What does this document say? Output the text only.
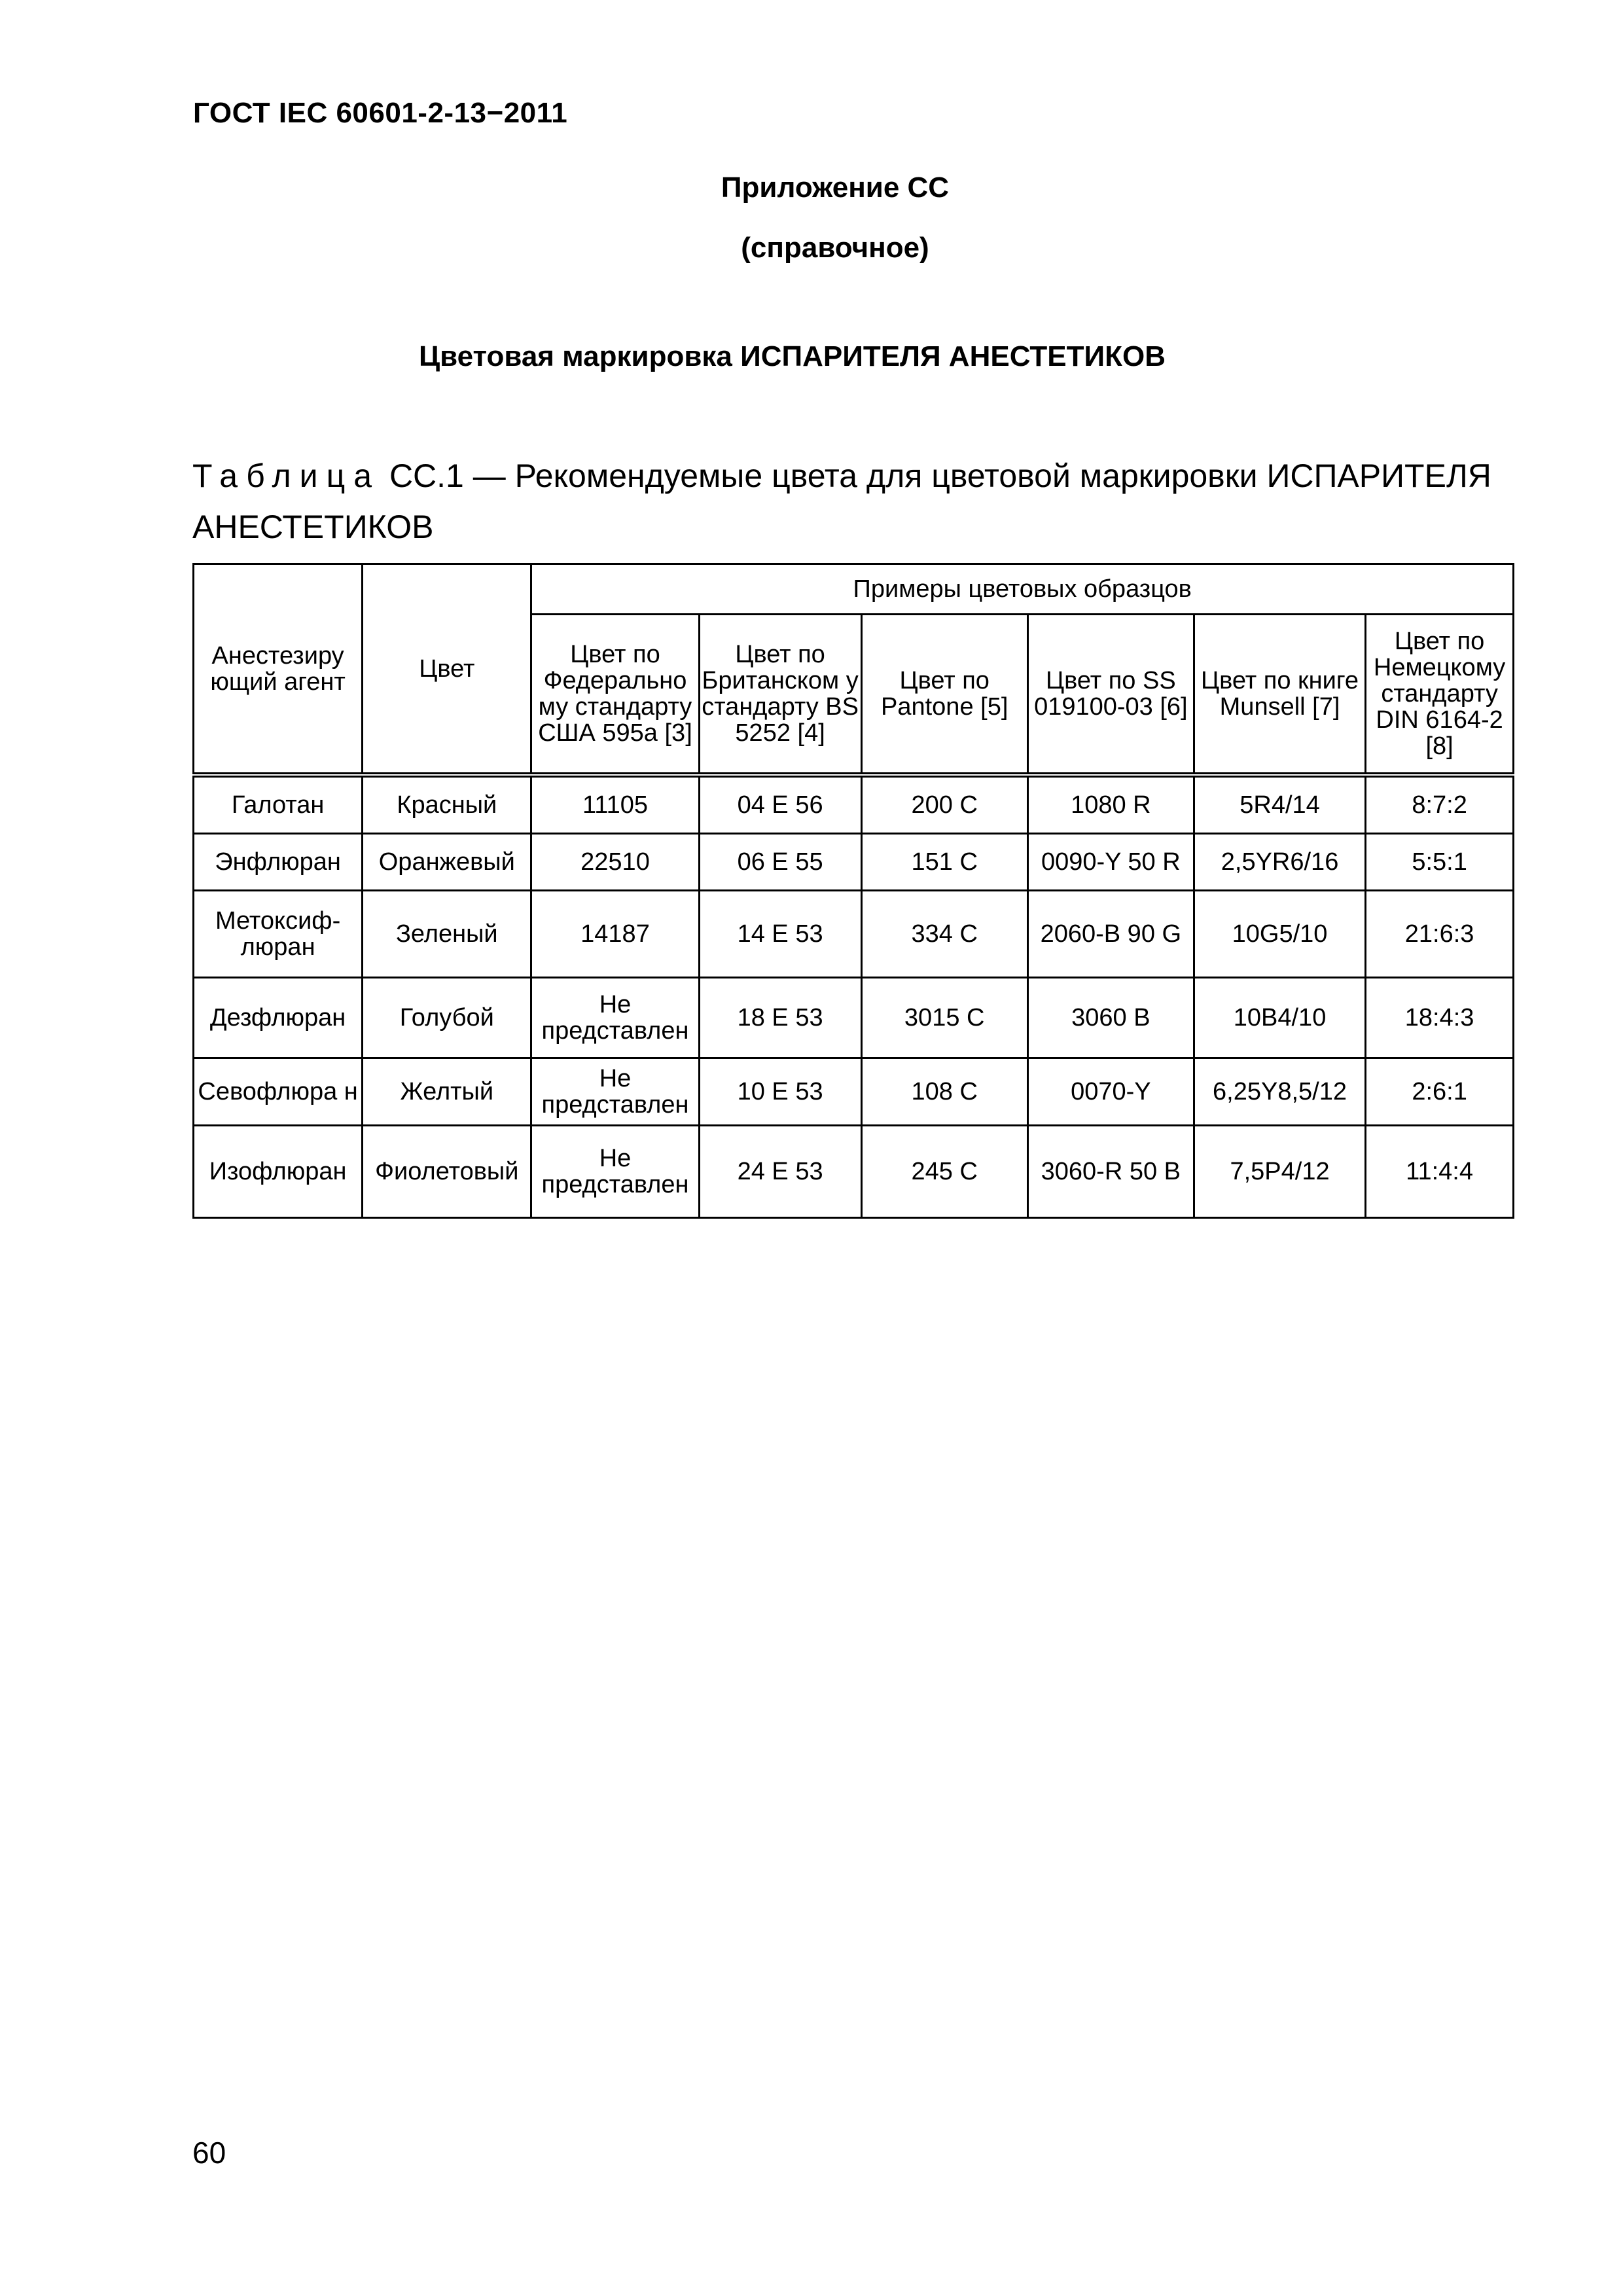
ГОСТ IEC 60601-2-13−2011
Приложение СС
(справочное)
Цветовая маркировка ИСПАРИТЕЛЯ АНЕСТЕТИКОВ
Таблица СС.1 — Рекомендуемые цвета для цветовой маркировки ИСПАРИТЕЛЯ АНЕСТЕТИКОВ
Анестезиру ющий агент	Цвет	Примеры цветовых образцов					
		Цвет по Федерально му стандарту США 595a [3]	Цвет по Британском у стандарту BS 5252 [4]	Цвет по Pantone [5]	Цвет по SS 019100-03 [6]	Цвет по книге Munsell [7]	Цвет по Немецкому стандарту DIN 6164-2 [8]
Галотан	Красный	11105	04 E 56	200 C	1080 R	5R4/14	8:7:2
Энфлюран	Оранжевый	22510	06 E 55	151 C	0090-Y 50 R	2,5YR6/16	5:5:1
Метоксиф-люран	Зеленый	14187	14 E 53	334 C	2060-B 90 G	10G5/10	21:6:3
Дезфлюран	Голубой	Не представлен	18 E 53	3015 C	3060 B	10B4/10	18:4:3
Севофлюра н	Желтый	Не представлен	10 E 53	108 C	0070-Y	6,25Y8,5/12	2:6:1
Изофлюран	Фиолетовый	Не представлен	24 E 53	245 C	3060-R 50 B	7,5P4/12	11:4:4
60
